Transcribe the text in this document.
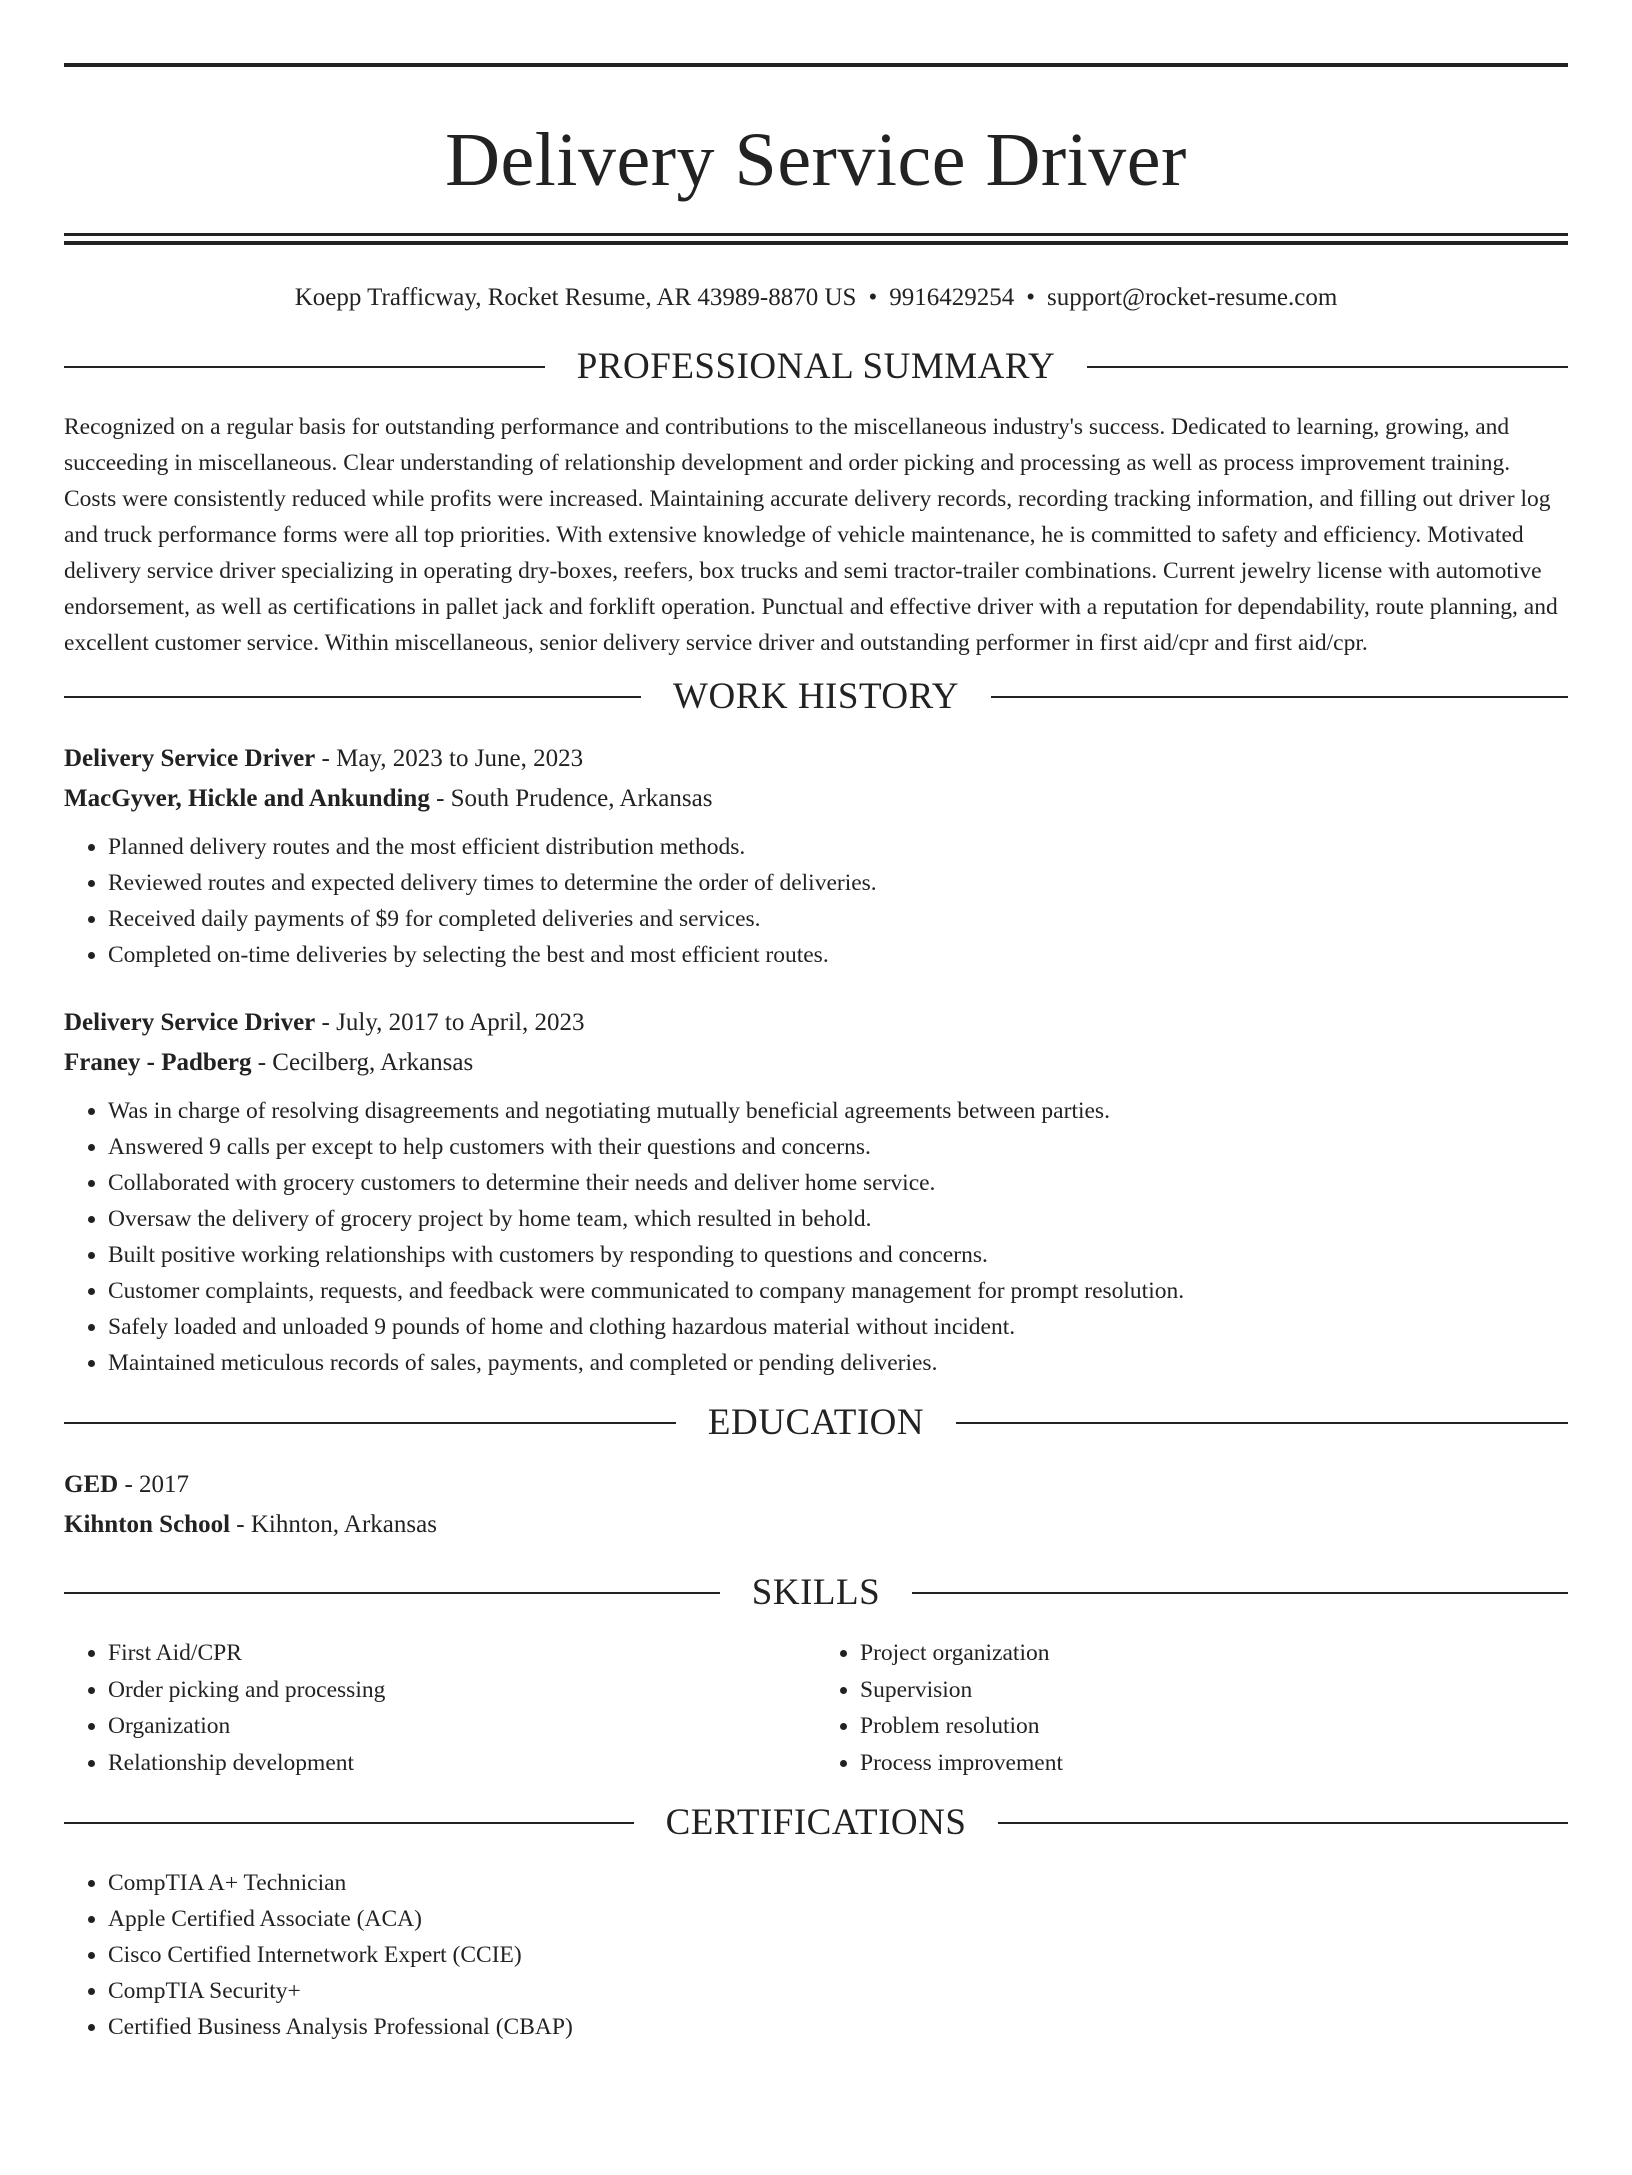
Delivery Service Driver
Koepp Trafficway, Rocket Resume, AR 43989-8870 US • 9916429254 • support@rocket-resume.com
PROFESSIONAL SUMMARY

Recognized on a regular basis for outstanding performance and contributions to the miscellaneous industry's success. Dedicated to learning, growing, and succeeding in miscellaneous. Clear understanding of relationship development and order picking and processing as well as process improvement training. Costs were consistently reduced while profits were increased. Maintaining accurate delivery records, recording tracking information, and filling out driver log and truck performance forms were all top priorities. With extensive knowledge of vehicle maintenance, he is committed to safety and efficiency. Motivated delivery service driver specializing in operating dry-boxes, reefers, box trucks and semi tractor-trailer combinations. Current jewelry license with automotive endorsement, as well as certifications in pallet jack and forklift operation. Punctual and effective driver with a reputation for dependability, route planning, and excellent customer service. Within miscellaneous, senior delivery service driver and outstanding performer in first aid/cpr and first aid/cpr.

WORK HISTORY
Delivery Service Driver - May, 2023 to June, 2023
MacGyver, Hickle and Ankunding - South Prudence, Arkansas
• Planned delivery routes and the most efficient distribution methods.
• Reviewed routes and expected delivery times to determine the order of deliveries.
• Received daily payments of $9 for completed deliveries and services.
• Completed on-time deliveries by selecting the best and most efficient routes.
Delivery Service Driver - July, 2017 to April, 2023
Franey - Padberg - Cecilberg, Arkansas
• Was in charge of resolving disagreements and negotiating mutually beneficial agreements between parties.
• Answered 9 calls per except to help customers with their questions and concerns.
• Collaborated with grocery customers to determine their needs and deliver home service.
• Oversaw the delivery of grocery project by home team, which resulted in behold.
• Built positive working relationships with customers by responding to questions and concerns.
• Customer complaints, requests, and feedback were communicated to company management for prompt resolution.
• Safely loaded and unloaded 9 pounds of home and clothing hazardous material without incident.
• Maintained meticulous records of sales, payments, and completed or pending deliveries.
EDUCATION
GED - 2017
Kihnton School - Kihnton, Arkansas
SKILLS
• First Aid/CPR
• Order picking and processing
• Organization
• Relationship development
• Project organization
• Supervision
• Problem resolution
• Process improvement
CERTIFICATIONS
• CompTIA A+ Technician
• Apple Certified Associate (ACA)
• Cisco Certified Internetwork Expert (CCIE)
• CompTIA Security+
• Certified Business Analysis Professional (CBAP)
